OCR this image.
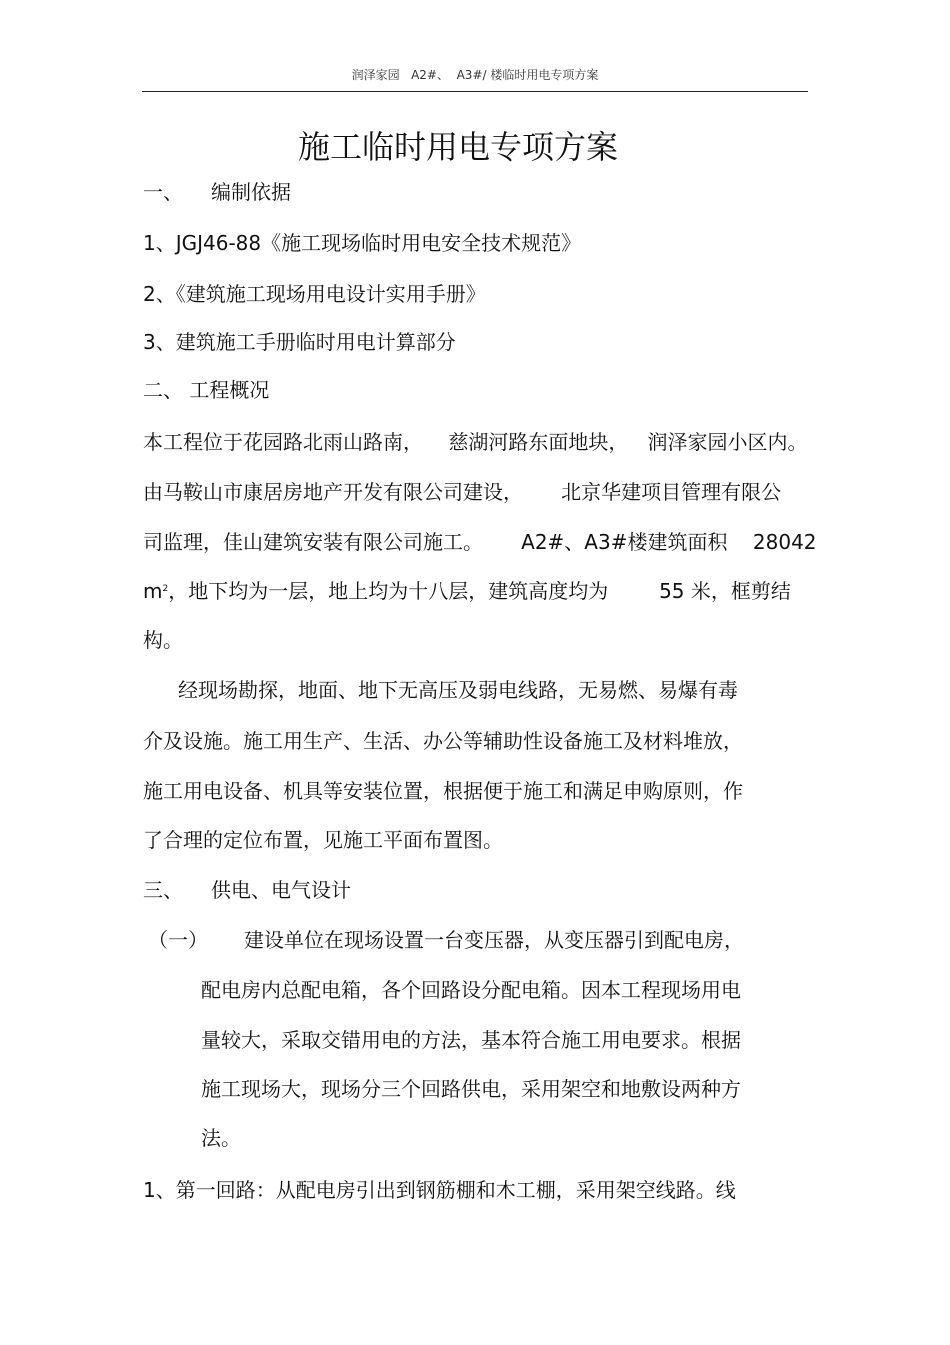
润泽家园   A2#、  A3#/ 楼临时用电专项方案
施工临时用电专项方案
一、 编制依据
1、JGJ46-88《施工现场临时用电安全技术规范》
2、《建筑施工现场用电设计实用手册》
3、建筑施工手册临时用电计算部分
二、 工程概况
本工程位于花园路北雨山路南，    慈湖河路东面地块，   润泽家园小区内。
由马鞍山市康居房地产开发有限公司建设，      北京华建项目管理有限公
司监理，佳山建筑安装有限公司施工。      A2#、A3#楼建筑面积    28042
$m^2$，地下均为一层，地上均为十八层，建筑高度均为        55 米，框剪结
构。
经现场勘探，地面、地下无高压及弱电线路，无易燃、易爆有毒
介及设施。施工用生产、生活、办公等辅助性设备施工及材料堆放，
施工用电设备、机具等安装位置，根据便于施工和满足申购原则，作
了合理的定位布置，见施工平面布置图。
三、 供电、电气设计
（一） 建设单位在现场设置一台变压器，从变压器引到配电房，
配电房内总配电箱，各个回路设分配电箱。因本工程现场用电
量较大，采取交错用电的方法，基本符合施工用电要求。根据
施工现场大，现场分三个回路供电，采用架空和地敷设两种方
法。
1、第一回路：从配电房引出到钢筋棚和木工棚，采用架空线路。线
